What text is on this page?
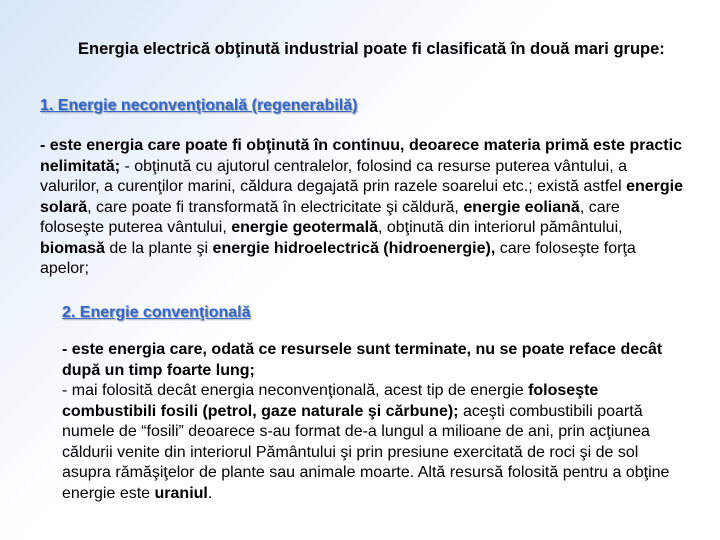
Energia electrică obţinută industrial poate fi clasificată în două mari grupe:

1. Energie neconvenţională (regenerabilă)

- este energia care poate fi obţinută în continuu, deoarece materia primă este practic nelimitată; - obţinută cu ajutorul centralelor, folosind ca resurse puterea vântului, a valurilor, a curenţilor marini, căldura degajată prin razele soarelui etc.; există astfel energie solară, care poate fi transformată în electricitate şi căldură, energie eoliană, care foloseşte puterea vântului, energie geotermală, obţinută din interiorul pământului, biomasă de la plante şi energie hidroelectrică (hidroenergie), care foloseşte forţa apelor;

2. Energie convenţională

- este energia care, odată ce resursele sunt terminate, nu se poate reface decât după un timp foarte lung;
- mai folosită decât energia neconvenţională, acest tip de energie foloseşte combustibili fosili (petrol, gaze naturale şi cărbune); aceşti combustibili poartă numele de “fosili” deoarece s-au format de-a lungul a milioane de ani, prin acţiunea căldurii venite din interiorul Pământului şi prin presiune exercitată de roci şi de sol asupra rămăşiţelor de plante sau animale moarte. Altă resursă folosită pentru a obţine energie este uraniul.
